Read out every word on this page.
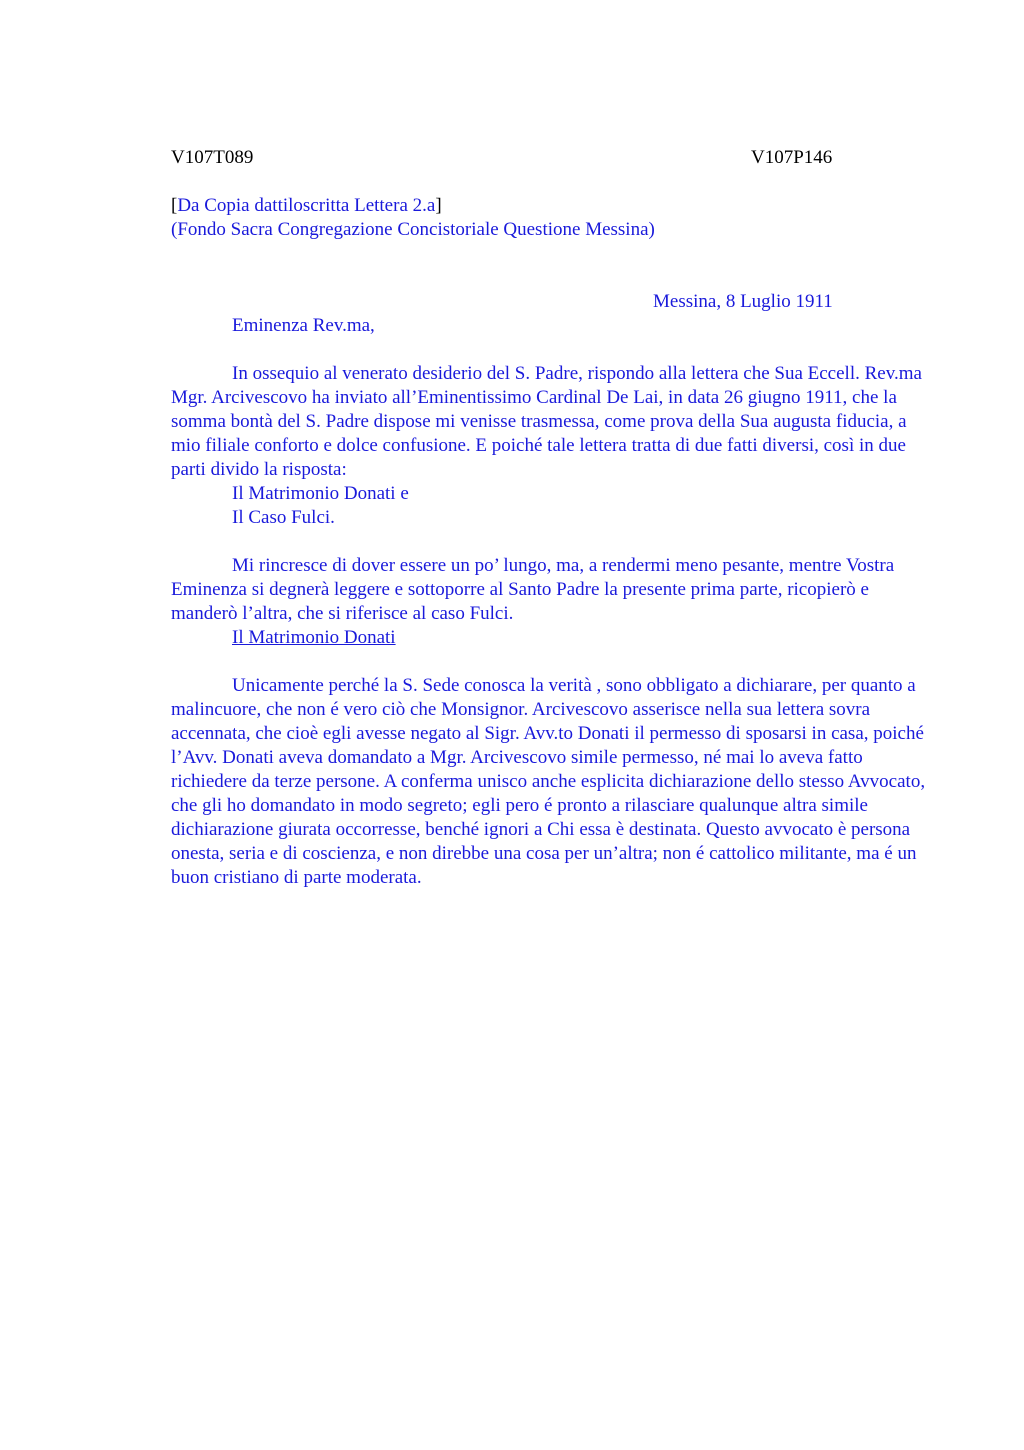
V107T089	V107P146
[Da Copia dattiloscritta Lettera 2.a]
(Fondo Sacra Congregazione Concistoriale Questione Messina)
Messina, 8 Luglio 1911
Eminenza Rev.ma,

In ossequio al venerato desiderio del S. Padre, rispondo alla lettera che Sua Eccell. Rev.ma Mgr. Arcivescovo ha inviato all’Eminentissimo Cardinal De Lai, in data 26 giugno 1911, che la somma bontà del S. Padre dispose mi venisse trasmessa, come prova della Sua augusta fiducia, a mio filiale conforto e dolce confusione. E poiché tale lettera tratta di due fatti diversi, così in due parti divido la risposta:

Il Matrimonio Donati e
Il Caso Fulci.

Mi rincresce di dover essere un po’ lungo, ma, a rendermi meno pesante, mentre Vostra Eminenza si degnerà leggere e sottoporre al Santo Padre la presente prima parte, ricopierò e manderò l’altra, che si riferisce al caso Fulci.

Il Matrimonio Donati

Unicamente perché la S. Sede conosca la verità , sono obbligato a dichiarare, per quanto a malincuore, che non é vero ciò che Monsignor. Arcivescovo asserisce nella sua lettera sovra accennata, che cioè egli avesse negato al Sigr. Avv.to Donati il permesso di sposarsi in casa, poiché l’Avv. Donati aveva domandato a Mgr. Arcivescovo simile permesso, né mai lo aveva fatto richiedere da terze persone. A conferma unisco anche esplicita dichiarazione dello stesso Avvocato, che gli ho domandato in modo segreto; egli pero é pronto a rilasciare qualunque altra simile dichiarazione giurata occorresse, benché ignori a Chi essa è destinata. Questo avvocato è persona onesta, seria e di coscienza, e non direbbe una cosa per un’altra; non é cattolico militante, ma é un buon cristiano di parte moderata.
